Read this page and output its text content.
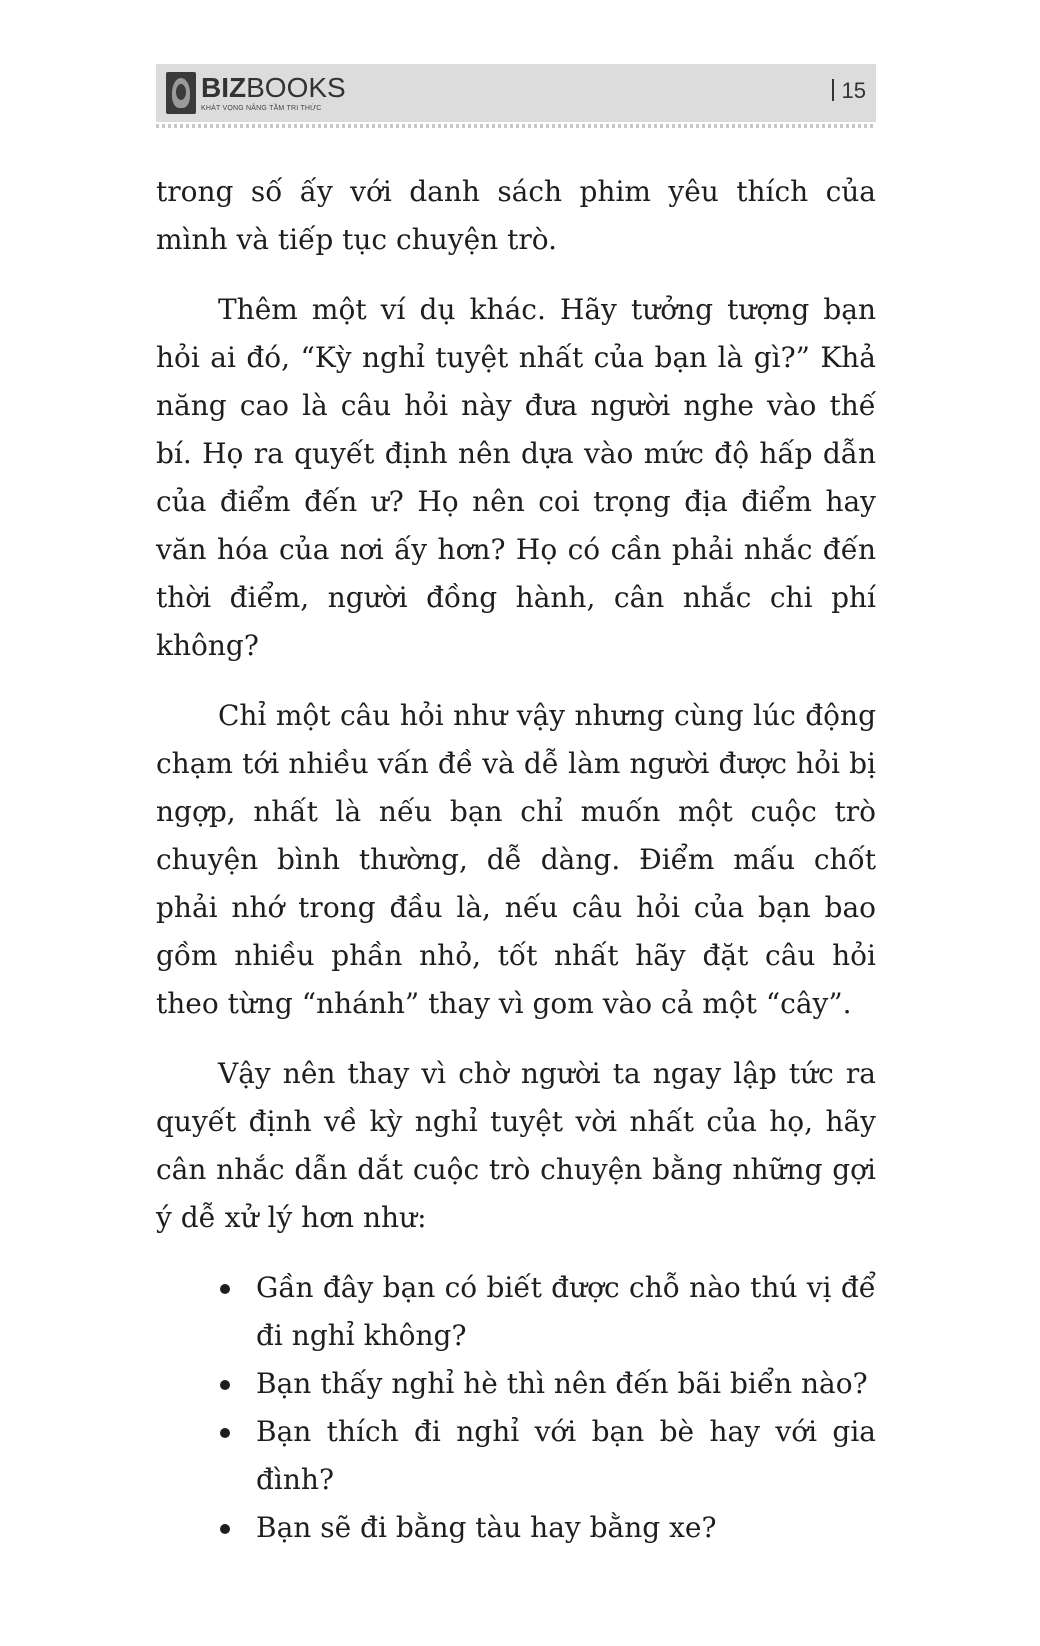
BIZBOOKS
KHÁT VỌNG NÂNG TẦM TRI THỨC
15

trong số ấy với danh sách phim yêu thích của mình và tiếp tục chuyện trò.

Thêm một ví dụ khác. Hãy tưởng tượng bạn hỏi ai đó, “Kỳ nghỉ tuyệt nhất của bạn là gì?” Khả năng cao là câu hỏi này đưa người nghe vào thế bí. Họ ra quyết định nên dựa vào mức độ hấp dẫn của điểm đến ư? Họ nên coi trọng địa điểm hay văn hóa của nơi ấy hơn? Họ có cần phải nhắc đến thời điểm, người đồng hành, cân nhắc chi phí không?

Chỉ một câu hỏi như vậy nhưng cùng lúc động chạm tới nhiều vấn đề và dễ làm người được hỏi bị ngợp, nhất là nếu bạn chỉ muốn một cuộc trò chuyện bình thường, dễ dàng. Điểm mấu chốt phải nhớ trong đầu là, nếu câu hỏi của bạn bao gồm nhiều phần nhỏ, tốt nhất hãy đặt câu hỏi theo từng “nhánh” thay vì gom vào cả một “cây”.

Vậy nên thay vì chờ người ta ngay lập tức ra quyết định về kỳ nghỉ tuyệt vời nhất của họ, hãy cân nhắc dẫn dắt cuộc trò chuyện bằng những gợi ý dễ xử lý hơn như:

Gần đây bạn có biết được chỗ nào thú vị để đi nghỉ không?
Bạn thấy nghỉ hè thì nên đến bãi biển nào?
Bạn thích đi nghỉ với bạn bè hay với gia đình?
Bạn sẽ đi bằng tàu hay bằng xe?
